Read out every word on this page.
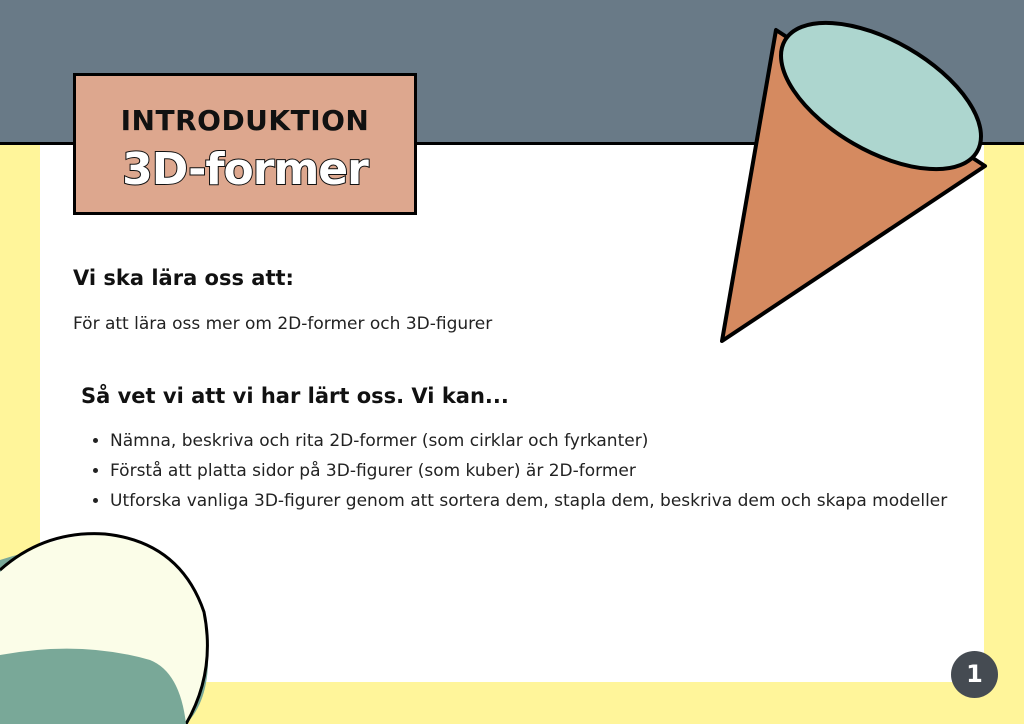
INTRODUKTION
3D-former
Vi ska lära oss att:
För att lära oss mer om 2D-former och 3D-figurer
Så vet vi att vi har lärt oss. Vi kan...
• Nämna, beskriva och rita 2D-former (som cirklar och fyrkanter)
• Förstå att platta sidor på 3D-figurer (som kuber) är 2D-former
• Utforska vanliga 3D-figurer genom att sortera dem, stapla dem, beskriva dem och skapa modeller
1
